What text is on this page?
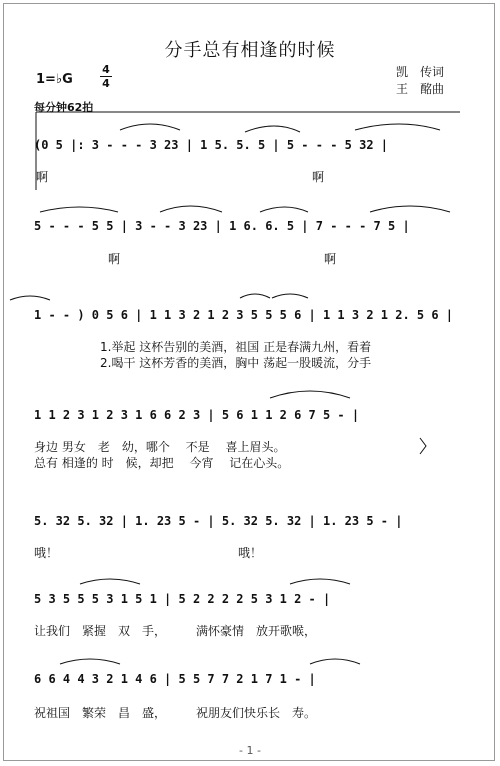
分手总有相逢的时候
1=♭G
4
4
凯　传词
王　酩曲
每分钟62拍
(0 5 |: 3 - - - 3 23 | 1 5. 5. 5 | 5 - - - 5 32 |
啊　　　　　　　　　　　　　　　　　　　　　　啊
5 - - - 5 5 | 3 - - 3 23 | 1 6. 6. 5 | 7 - - - 7 5 |
　　　　　　啊　　　　　　　　　　　　　　　　　啊
1 - - ) 0 5 6 | 1 1 3 2 1 2 3 5 5 5 6 | 1 1 3 2 1 2. 5 6 |
1.举起 这杯告别的美酒，祖国 正是春满九州，看着
2.喝干 这杯芳香的美酒，胸中 荡起一股暖流，分手
1 1 2 3 1 2 3 1 6 6 2 3 | 5 6 1 1 2 6 7 5 - |
身边 男女　老　幼，哪个　 不是　 喜上眉头。
总有 相逢的 时　候，却把　 今宵　 记在心头。
5. 32 5. 32 | 1. 23 5 - | 5. 32 5. 32 | 1. 23 5 - |
哦！　　　　　　　　　　　　　　　哦！
5 3 5 5 5 3 1 5 1 | 5 2 2 2 2 5 3 1 2 - |
让我们　紧握　双　手，　　　满怀豪情　放开歌喉，
6 6 4 4 3 2 1 4 6 | 5 5 7 7 2 1 7 1 - |
祝祖国　繁荣　昌　盛，　　　祝朋友们快乐长　寿。
- 1 -
